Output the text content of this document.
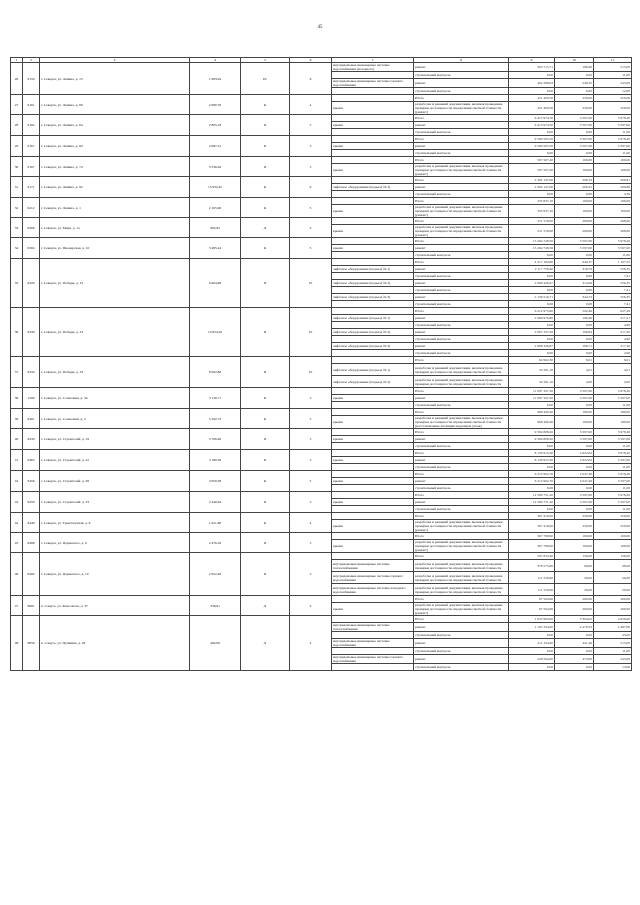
45
1	2	3	4	5	6	7	8	9	10	11
26	6150	г. Северск, ул. Ленина, д. 15	1 683,94	Пс	6	внутридомовые инженерные системы водоснабжения (холодного)	ремонт	363 715,71	188,46	515,00
							строительный контроль	6,00	0,00	11,00
						внутридомовые инженерные системы горячего водоснабжения	ремонт	402 288,63	248,35	543,00
							строительный контроль	6,00	6,00	12,00
27	6161	г. Северск, ул. Ленина, д. 60	2 080,70	К	4		Итого	451 409,50	259,00	259,00
						крыша	разработка и решений документации, включая проведение проверки достоверности определения сметной стоимости (ремонт)	451 409,50	259,00	259,00
28	6162	г. Северск, ул. Ленина, д. 64	2 805,18	П	5		Итого	6 413 974,50	3 597,00	3 978,20
						крыша	ремонт	6 413 974,50	3 597,00	3 597,00
							строительный контроль	6,00	0,00	11,00
29	6167	г. Северск, ул. Ленина, д. 84	2 687,31	К	5		Итого	9 569 505,50	3 597,00	3 978,20
						крыша	ремонт	9 569 505,50	3 597,00	3 597,00
							строительный контроль	6,00	0,00	11,00
30	6167	г. Северск, ул. Ленина, д. 74	3 536,64	П	5		Итого	597 567,40	169,00	169,00
						крыша	разработка и решений документации, включая проведение проверки достоверности определения сметной стоимости (ремонт)	597 567,40	169,00	169,00
31	6171	г. Северск, ул. Ленина, д. 92	13 932,45	К	9		Итого	2 362 147,00	208,19	209,81
						лифтовое оборудование (подъезд № 3)	ремонт	2 362 147,00	209,25	209,86
							строительный контроль	6,00	0,00	4,39
32	6212	г. Северск, ул. Ленина, д. 1	2 165,90	К	5		Итого	335 837,10	169,00	169,00
						крыша	разработка и решений документации, включая проведение проверки достоверности определения сметной стоимости (ремонт)	335 837,10	169,00	169,00
33	6266	г. Северск, ул. Мира, д. 1а	895,92	Д	2		Итого	251 518,00	268,00	268,00
						крыша	разработка и решений документации, включая проведение проверки достоверности определения сметной стоимости (ремонт)	251 518,00	268,00	268,00
34	6304	г. Северск, ул. Пионерская, д. 10	3 485,44	К	5		Итого	15 264 748,56	3 597,00	3 978,20
						крыша	ремонт	15 264 748,56	3 597,00	3 597,00
							строительный контроль	6,00	0,00	11,00
35	6320	г. Северск, ул. Победы, д. 15	6 664,98	П	10		Итого	4 317 184,80	649,37	1 167,55
						лифтовое оборудование (подъезд № 1)	ремонт	2 117 758,40	316,79	556,35
							строительный контроль	6,00	0,00	7,41
						лифтовое оборудование (подъезд № 2)	ремонт	2 099 428,47	314,06	556,35
							строительный контроль	6,00	0,00	7,41
						лифтовое оборудование (подъезд № 3)	ремонт	2 130 516,71	344,72	556,35
							строительный контроль	6,00	0,00	7,41
36	6330	г. Северск, ул. Победы, д. 23	10 854,20	П	10		Итого	6 212 975,60	592,46	627,29
						лифтовое оборудование (подъезд № 1)	ремонт	2 066 976,80	196,46	217,21
							строительный контроль	6,00	0,00	4,96
						лифтовое оборудование (подъезд № 2)	ремонт	2 067 337,28	196,84	217,20
							строительный контроль	6,00	0,00	4,96
						лифтовое оборудование (подъезд № 3)	ремонт	2 068 326,87	196,71	217,20
							строительный контроль	6,00	0,00	4,96
37	6334	г. Северск, ул. Победы, д. 33	8 062,80	П	10		Итого	64 962,30	8,01	8,01
						лифтовое оборудование (подъезд № 1)	разработка и решений документации, включая проведение проверки достоверности определения сметной стоимости	32 261,10	4,01	4,01
						лифтовое оборудование (подъезд № 2)	разработка и решений документации, включая проведение проверки достоверности определения сметной стоимости	32 261,10	4,00	4,00
38	1599	г. Северск, ул. Солнечная, д. 34	3 130,71	К	5		Итого	11 087 347,50	3 597,00	3 978,20
						крыша	ремонт	11 087 347,50	3 597,00	3 597,00
							строительный контроль	6,00	0,00	11,00
39	6401	г. Северск, ул. Солнечная, д. 2	5 292,73	К	5		Итого	968 490,40	180,00	180,00
						крыша	разработка и решений документации, включая проведение проверки достоверности определения сметной стоимости (восстановление изоляции чердачных узлов)	968 490,40	180,00	180,00
40	6430	г. Северск, ул. Строителей, д. 19	3 706,40	П	5		Итого	9 584 808,20	3 597,00	3 978,20
						крыша	ремонт	9 584 808,20	3 597,00	3 597,00
							строительный контроль	6,00	0,00	11,00
41	6465	г. Северск, ул. Строителей, д. 22	3 180,56	К	5		Итого	8 130 915,30	2 622,62	3 978,20
						крыша	ремонт	8 130 915,30	2 622,62	3 597,00
							строительный контроль	6,00	0,00	11,00
42	6456	г. Северск, ул. Строителей, д. 28	3 050,58	К	5		Итого	6 212 902,76	2 047,49	3 978,20
						крыша	ремонт	6 212 902,76	2 047,49	3 597,00
							строительный контроль	6,00	0,00	11,00
43	6459	г. Северск, ул. Строителей, д. 33	3 440,64	П	5		Итого	12 390 751,20	3 597,00	3 978,20
						крыша	ремонт	12 390 751,20	3 597,00	3 597,00
							строительный контроль	6,00	0,00	11,00
44	6449	г. Северск, ул. Транспортная, д. 6	1 621,80	К	4		Итого	367 419,00	259,00	259,00
						крыша	разработка и решений документации, включая проведение проверки достоверности определения сметной стоимости (ремонт)	367 419,00	259,00	259,00
45	6488	г. Северск, ул. Царевского, д. 6	2 476,18	П	5		Итого	367 798,90	169,00	169,00
						крыша	разработка и решений документации, включая проведение проверки достоверности определения сметной стоимости (ремонт)	367 798,90	169,00	169,00
46	6492	г. Северск, ул. Царевского, д. 10	2 652,40	П	5		Итого	597 834,40	156,00	156,00
						внутридомовые инженерные системы теплоснабжения	разработка и решений документации, включая проведение проверки достоверности определения сметной стоимости	378 575,80	98,00	98,00
						внутридомовые инженерные системы горячего водоснабжения	разработка и решений документации, включая проведение проверки достоверности определения сметной стоимости	111 558,60	29,00	29,00
						внутридомовые инженерные системы холодного водоснабжения	разработка и решений документации, включая проведение проверки достоверности определения сметной стоимости	111 559,60	29,00	29,00
47	6681	п. Самусь, ул. Комсомола, д. 37	336,91	Д	2		Итого	87 594,60	260,00	260,00
						крыша	разработка и решений документации, включая проведение проверки достоверности определения сметной стоимости (ремонт)	87 594,60	260,00	260,00
48	6856	п. Самусь, ул. Пушкина, д. 26	482,00	Д	2		Итого	1 635 963,00	3 394,02	4 050,00
						внутридомовые инженерные системы теплоснабжения	ремонт	1 195 334,00	2 479,53	2 487,00
							строительный контроль	6,00	0,00	43,00
						внутридомовые инженерные системы водоснабжения	ремонт	211 334,60	441,49	515,00
							строительный контроль	6,00	0,00	11,00
						внутридомовые инженерные системы горячего водоснабжения	ремонт	228 594,00	473,00	543,00
							строительный контроль	6,00	0,00	13,00
